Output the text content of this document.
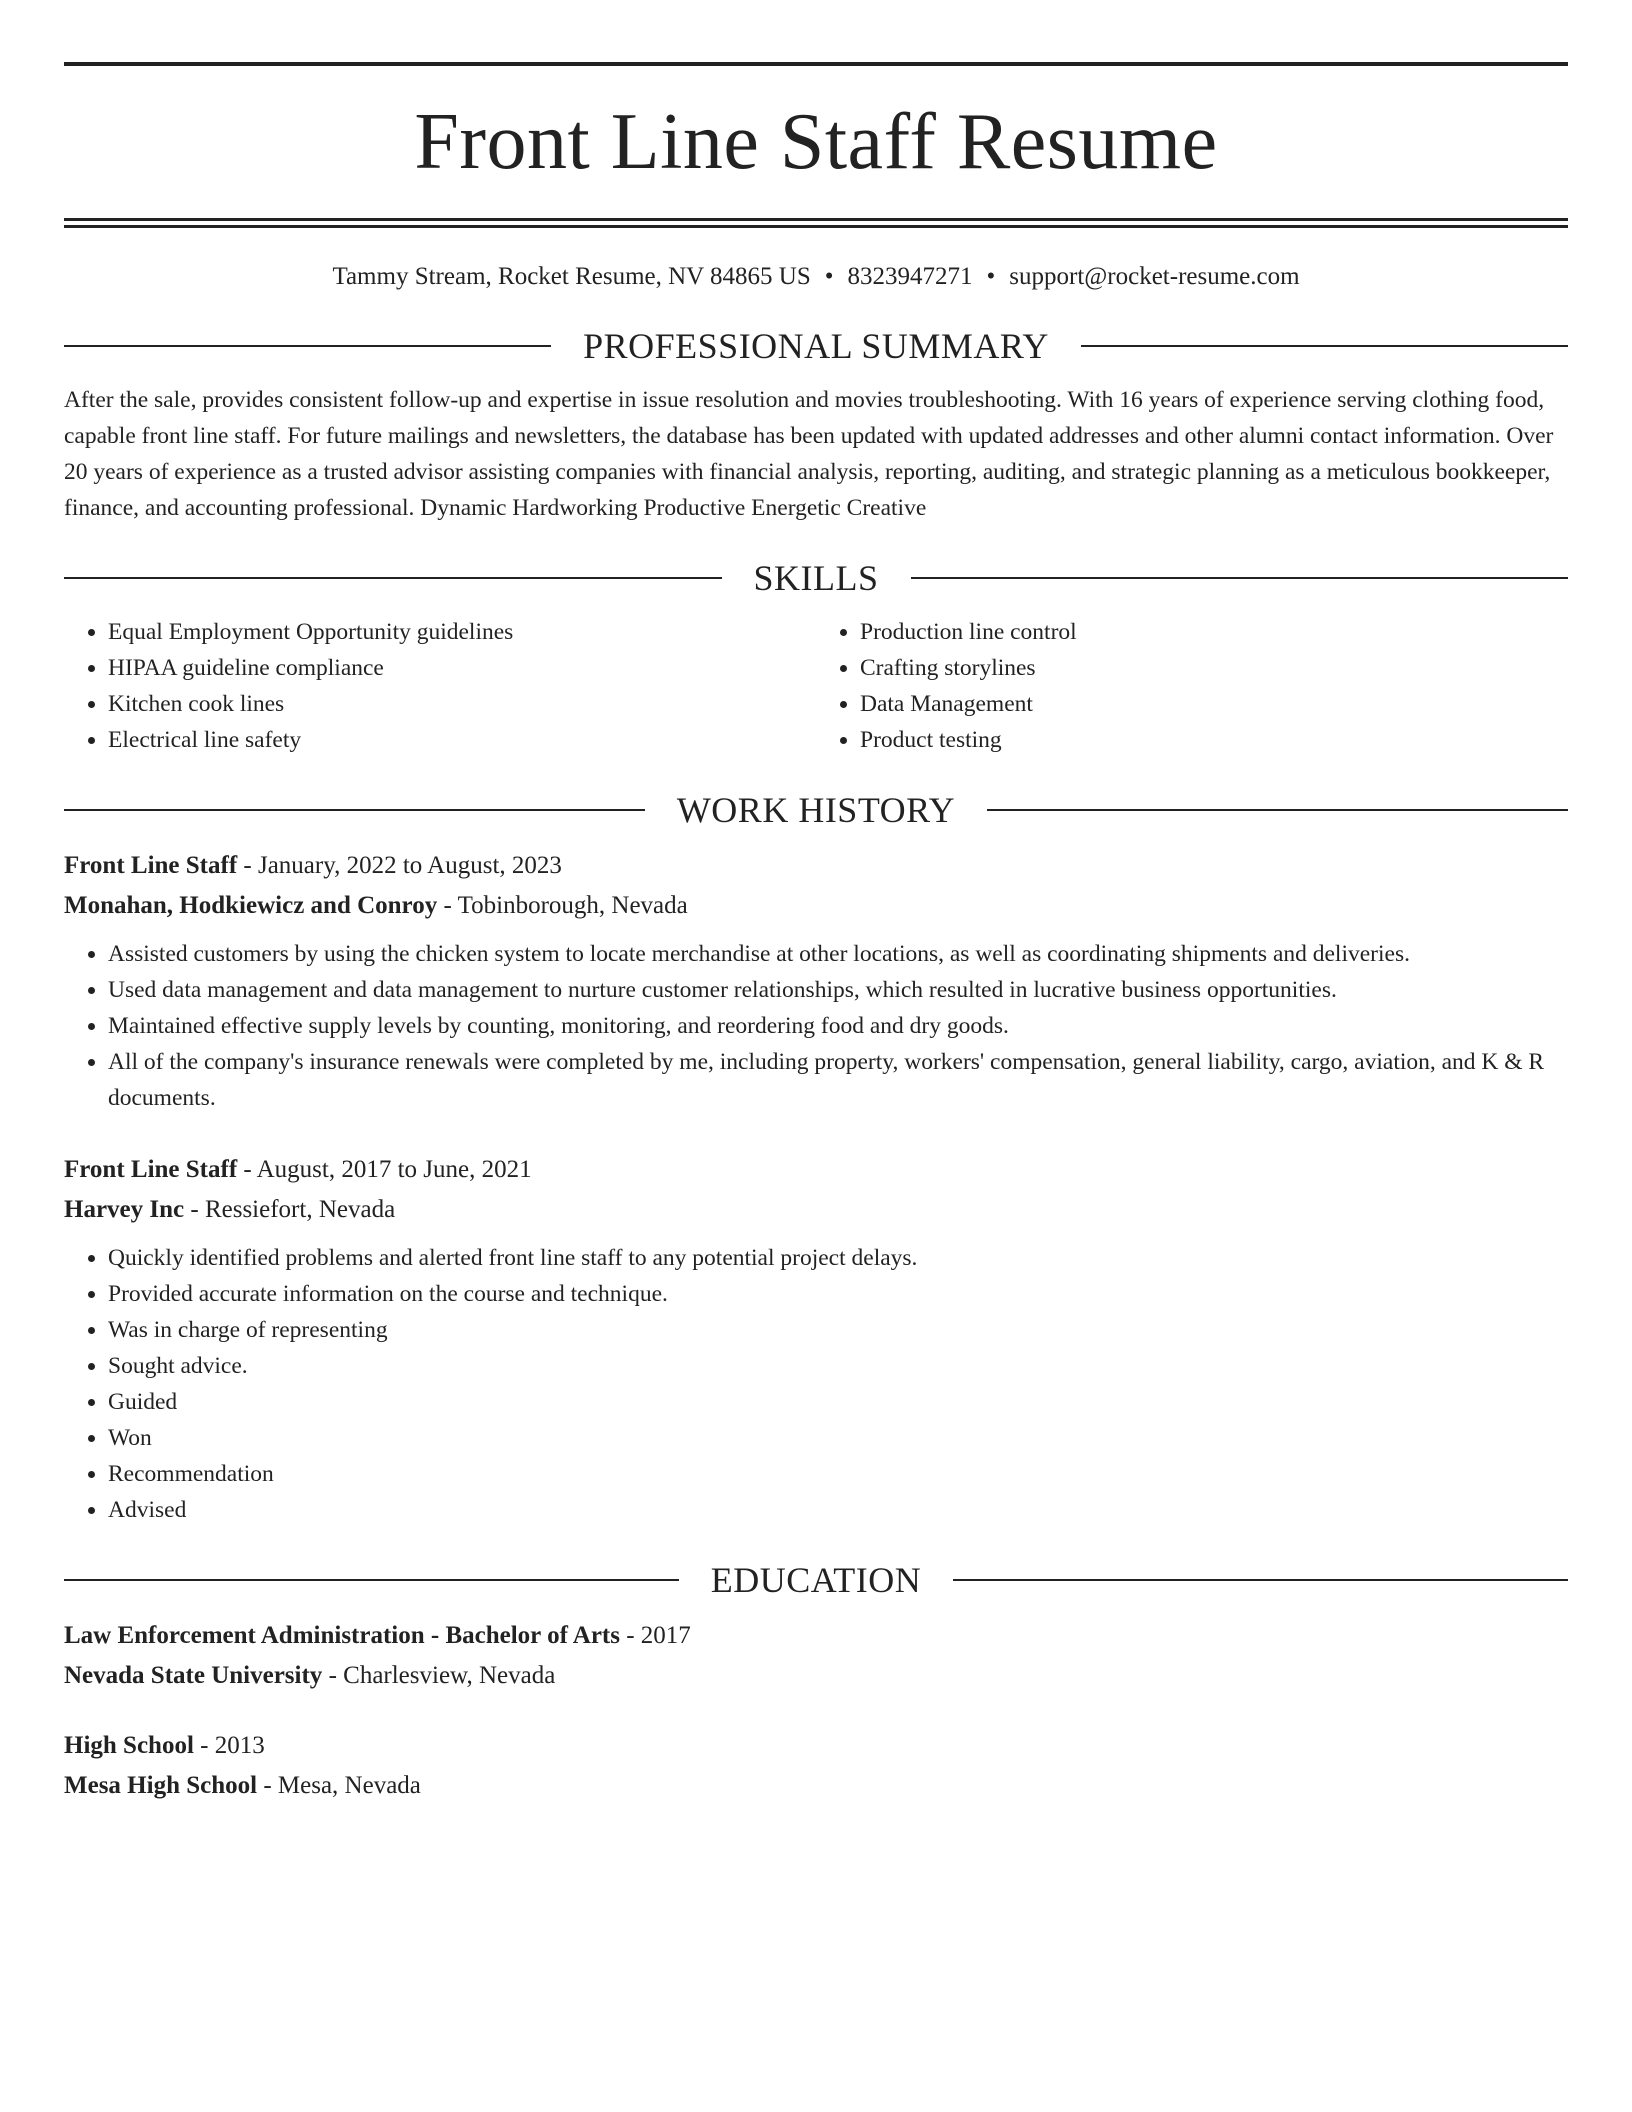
Front Line Staff Resume
Tammy Stream, Rocket Resume, NV 84865 US • 8323947271 • support@rocket-resume.com
PROFESSIONAL SUMMARY

After the sale, provides consistent follow-up and expertise in issue resolution and movies troubleshooting. With 16 years of experience serving clothing food, capable front line staff. For future mailings and newsletters, the database has been updated with updated addresses and other alumni contact information. Over 20 years of experience as a trusted advisor assisting companies with financial analysis, reporting, auditing, and strategic planning as a meticulous bookkeeper, finance, and accounting professional. Dynamic Hardworking Productive Energetic Creative

SKILLS
• Equal Employment Opportunity guidelines
• HIPAA guideline compliance
• Kitchen cook lines
• Electrical line safety
• Production line control
• Crafting storylines
• Data Management
• Product testing
WORK HISTORY
Front Line Staff - January, 2022 to August, 2023
Monahan, Hodkiewicz and Conroy - Tobinborough, Nevada
• Assisted customers by using the chicken system to locate merchandise at other locations, as well as coordinating shipments and deliveries.
• Used data management and data management to nurture customer relationships, which resulted in lucrative business opportunities.
• Maintained effective supply levels by counting, monitoring, and reordering food and dry goods.
• All of the company's insurance renewals were completed by me, including property, workers' compensation, general liability, cargo, aviation, and K & R documents.
Front Line Staff - August, 2017 to June, 2021
Harvey Inc - Ressiefort, Nevada
• Quickly identified problems and alerted front line staff to any potential project delays.
• Provided accurate information on the course and technique.
• Was in charge of representing
• Sought advice.
• Guided
• Won
• Recommendation
• Advised
EDUCATION
Law Enforcement Administration - Bachelor of Arts - 2017
Nevada State University - Charlesview, Nevada
High School - 2013
Mesa High School - Mesa, Nevada
